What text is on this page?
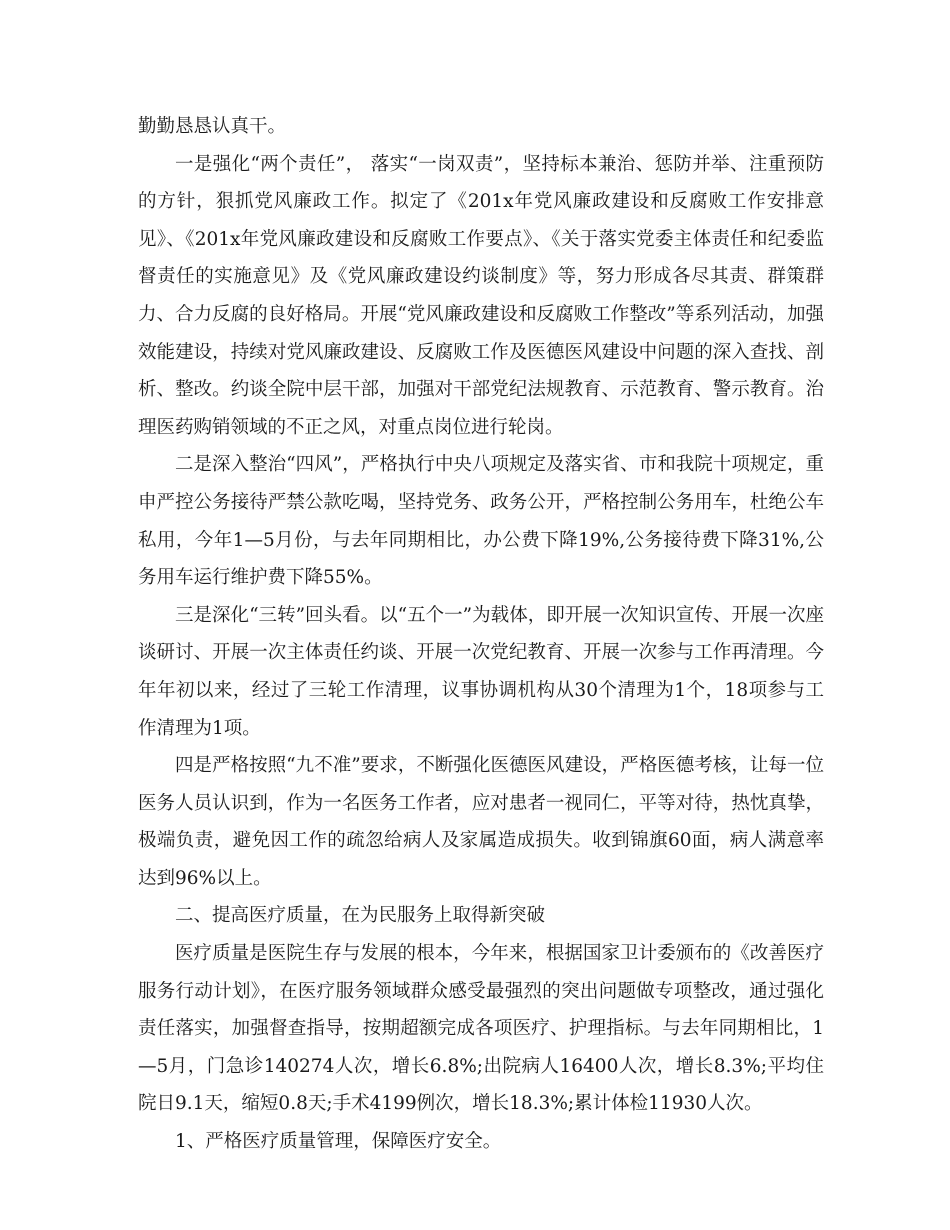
勤勤恳恳认真干。

一是强化“两个责任”， 落实“一岗双责”，坚持标本兼治、惩防并举、注重预防的方针，狠抓党风廉政工作。拟定了《201x年党风廉政建设和反腐败工作安排意见》、《201x年党风廉政建设和反腐败工作要点》、《关于落实党委主体责任和纪委监督责任的实施意见》及《党风廉政建设约谈制度》等，努力形成各尽其责、群策群力、合力反腐的良好格局。开展“党风廉政建设和反腐败工作整改”等系列活动，加强效能建设，持续对党风廉政建设、反腐败工作及医德医风建设中问题的深入查找、剖析、整改。约谈全院中层干部，加强对干部党纪法规教育、示范教育、警示教育。治理医药购销领域的不正之风，对重点岗位进行轮岗。

二是深入整治“四风”，严格执行中央八项规定及落实省、市和我院十项规定，重申严控公务接待严禁公款吃喝，坚持党务、政务公开，严格控制公务用车，杜绝公车私用，今年1—5月份，与去年同期相比，办公费下降19%,公务接待费下降31%,公务用车运行维护费下降55%。

三是深化“三转”回头看。以“五个一”为载体，即开展一次知识宣传、开展一次座谈研讨、开展一次主体责任约谈、开展一次党纪教育、开展一次参与工作再清理。今年年初以来，经过了三轮工作清理，议事协调机构从30个清理为1个，18项参与工作清理为1项。

四是严格按照“九不准”要求，不断强化医德医风建设，严格医德考核，让每一位医务人员认识到，作为一名医务工作者，应对患者一视同仁，平等对待，热忱真挚，极端负责，避免因工作的疏忽给病人及家属造成损失。收到锦旗60面，病人满意率达到96%以上。

二、提高医疗质量，在为民服务上取得新突破

医疗质量是医院生存与发展的根本，今年来，根据国家卫计委颁布的《改善医疗服务行动计划》，在医疗服务领域群众感受最强烈的突出问题做专项整改，通过强化责任落实，加强督查指导，按期超额完成各项医疗、护理指标。与去年同期相比，1—5月，门急诊140274人次，增长6.8%;出院病人16400人次，增长8.3%;平均住院日9.1天，缩短0.8天;手术4199例次，增长18.3%;累计体检11930人次。

1、严格医疗质量管理，保障医疗安全。
